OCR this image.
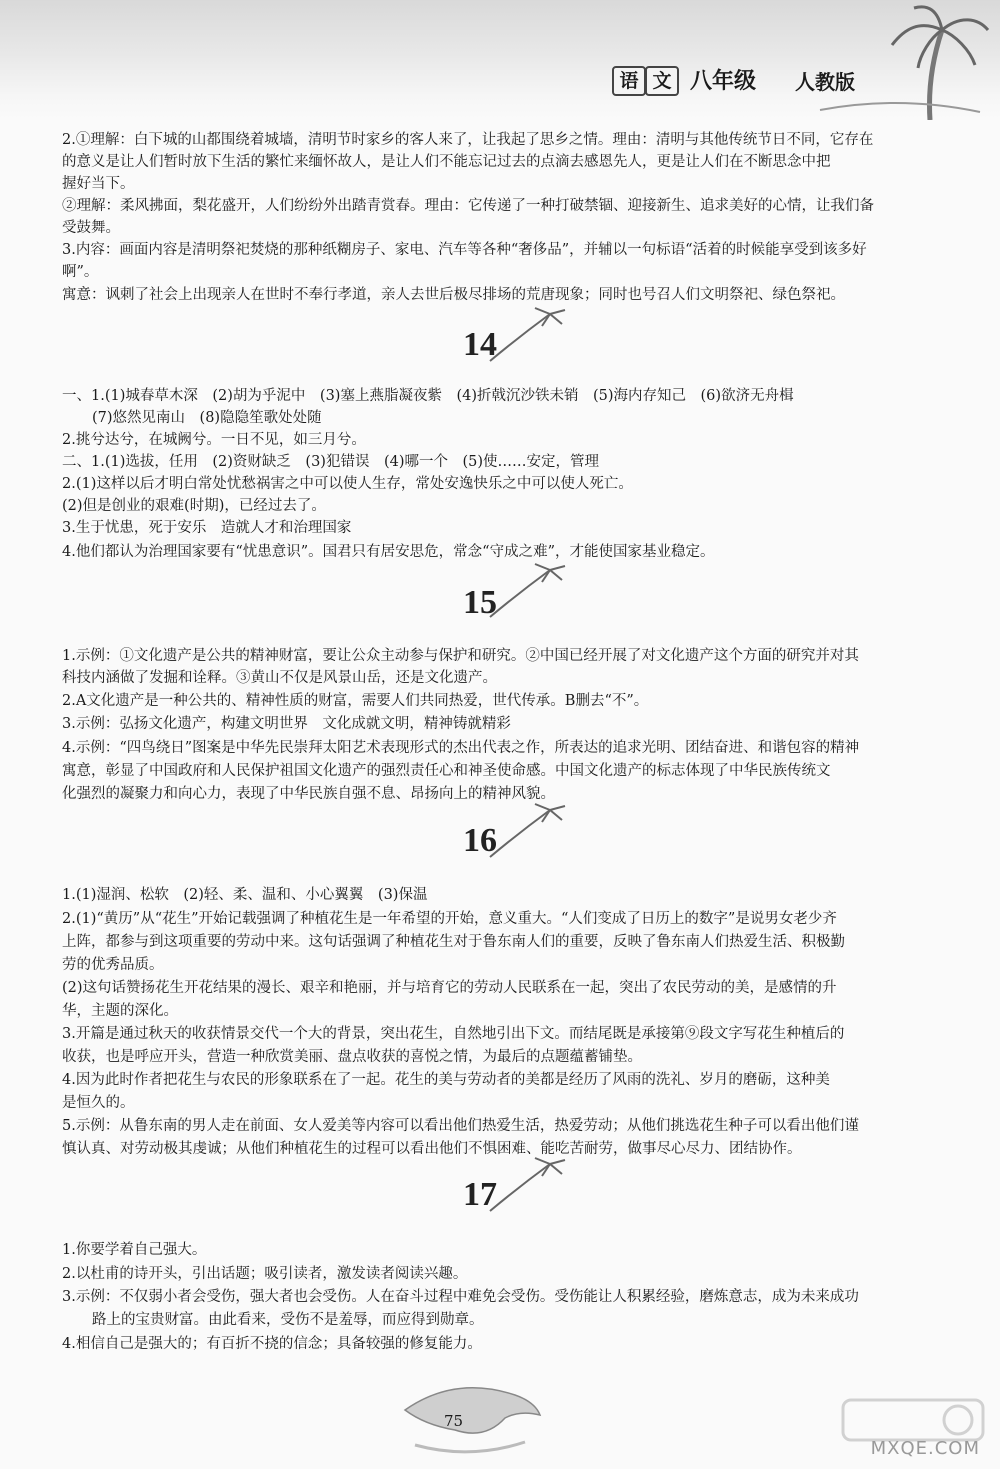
语 文 八年级 人教版
2.①理解：白下城的山都围绕着城墙，清明节时家乡的客人来了，让我起了思乡之情。理由：清明与其他传统节日不同，它存在
的意义是让人们暂时放下生活的繁忙来缅怀故人，是让人们不能忘记过去的点滴去感恩先人，更是让人们在不断思念中把
握好当下。
②理解：柔风拂面，梨花盛开，人们纷纷外出踏青赏春。理由：它传递了一种打破禁锢、迎接新生、追求美好的心情，让我们备
受鼓舞。
3.内容：画面内容是清明祭祀焚烧的那种纸糊房子、家电、汽车等各种“奢侈品”，并辅以一句标语“活着的时候能享受到该多好
啊”。
寓意：讽刺了社会上出现亲人在世时不奉行孝道，亲人去世后极尽排场的荒唐现象；同时也号召人们文明祭祀、绿色祭祀。
14
一、1.(1)城春草木深　(2)胡为乎泥中　(3)塞上燕脂凝夜紫　(4)折戟沉沙铁未销　(5)海内存知己　(6)欲济无舟楫
(7)悠然见南山　(8)隐隐笙歌处处随
2.挑兮达兮，在城阙兮。一日不见，如三月兮。
二、1.(1)选拔，任用　(2)资财缺乏　(3)犯错误　(4)哪一个　(5)使……安定，管理
2.(1)这样以后才明白常处忧愁祸害之中可以使人生存，常处安逸快乐之中可以使人死亡。
(2)但是创业的艰难(时期)，已经过去了。
3.生于忧患，死于安乐　造就人才和治理国家
4.他们都认为治理国家要有“忧患意识”。国君只有居安思危，常念“守成之难”，才能使国家基业稳定。
15
1.示例：①文化遗产是公共的精神财富，要让公众主动参与保护和研究。②中国已经开展了对文化遗产这个方面的研究并对其
科技内涵做了发掘和诠释。③黄山不仅是风景山岳，还是文化遗产。
2.A文化遗产是一种公共的、精神性质的财富，需要人们共同热爱，世代传承。B删去“不”。
3.示例：弘扬文化遗产，构建文明世界　文化成就文明，精神铸就精彩
4.示例：“四鸟绕日”图案是中华先民崇拜太阳艺术表现形式的杰出代表之作，所表达的追求光明、团结奋进、和谐包容的精神
寓意，彰显了中国政府和人民保护祖国文化遗产的强烈责任心和神圣使命感。中国文化遗产的标志体现了中华民族传统文
化强烈的凝聚力和向心力，表现了中华民族自强不息、昂扬向上的精神风貌。
16
1.(1)湿润、松软　(2)轻、柔、温和、小心翼翼　(3)保温
2.(1)“黄历”从“花生”开始记载强调了种植花生是一年希望的开始，意义重大。“人们变成了日历上的数字”是说男女老少齐
上阵，都参与到这项重要的劳动中来。这句话强调了种植花生对于鲁东南人们的重要，反映了鲁东南人们热爱生活、积极勤
劳的优秀品质。
(2)这句话赞扬花生开花结果的漫长、艰辛和艳丽，并与培育它的劳动人民联系在一起，突出了农民劳动的美，是感情的升
华，主题的深化。
3.开篇是通过秋天的收获情景交代一个大的背景，突出花生，自然地引出下文。而结尾既是承接第⑨段文字写花生种植后的
收获，也是呼应开头，营造一种欣赏美丽、盘点收获的喜悦之情，为最后的点题蕴蓄铺垫。
4.因为此时作者把花生与农民的形象联系在了一起。花生的美与劳动者的美都是经历了风雨的洗礼、岁月的磨砺，这种美
是恒久的。
5.示例：从鲁东南的男人走在前面、女人爱美等内容可以看出他们热爱生活，热爱劳动；从他们挑选花生种子可以看出他们谨
慎认真、对劳动极其虔诚；从他们种植花生的过程可以看出他们不惧困难、能吃苦耐劳，做事尽心尽力、团结协作。
17
1.你要学着自己强大。
2.以杜甫的诗开头，引出话题；吸引读者，激发读者阅读兴趣。
3.示例：不仅弱小者会受伤，强大者也会受伤。人在奋斗过程中难免会受伤。受伤能让人积累经验，磨炼意志，成为未来成功
路上的宝贵财富。由此看来，受伤不是羞辱，而应得到勋章。
4.相信自己是强大的；有百折不挠的信念；具备较强的修复能力。
75
MXQE.COM
